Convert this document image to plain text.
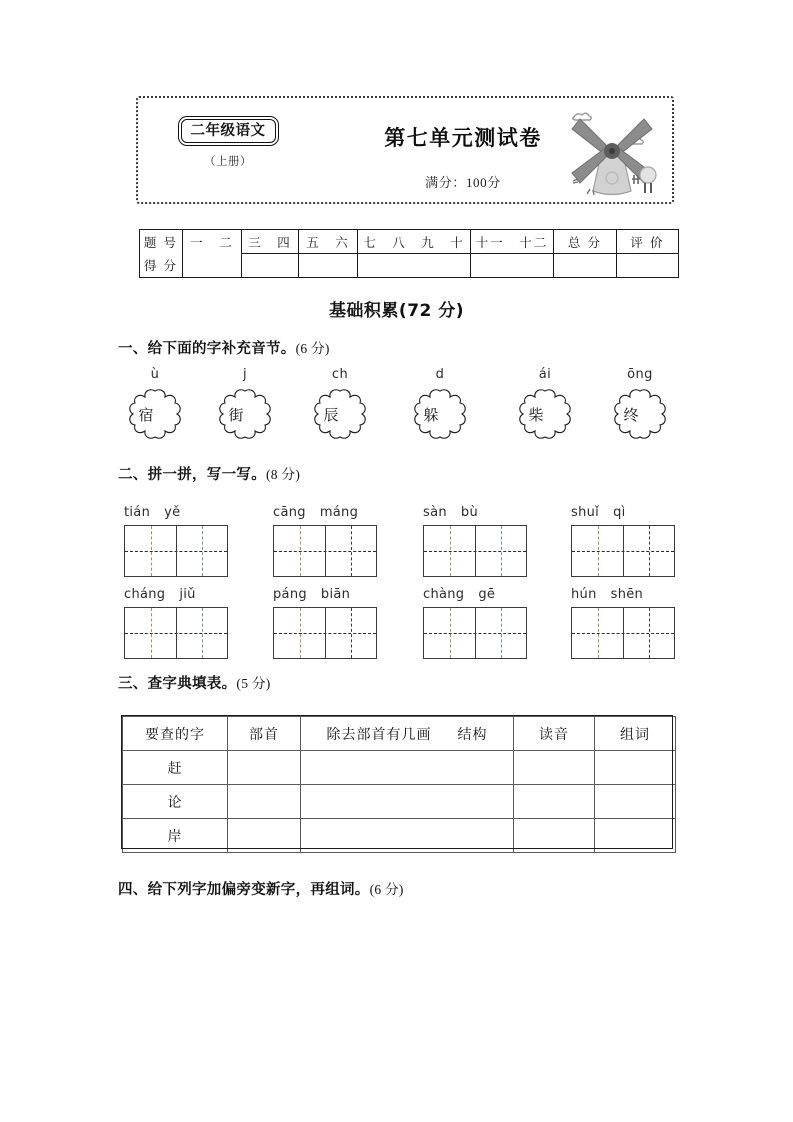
二年级语文
（上册）
第七单元测试卷
满分：100分
题 号	一　二	三　四	五　六	七　八　九　十	十一　十二	总 分	评 价
得 分							
基础积累(72 分)
一、给下面的字补充音节。(6 分)
ù
宿
j
街
ch
辰
d
躲
ái
柴
ōng
终
二、拼一拼，写一写。(8 分)
tián yě	cāng máng	sàn bù	shuǐ qì
cháng jiǔ	páng biān	chàng gē	hún shēn
三、查字典填表。(5 分)
要查的字	部首	除去部首有几画 结构	读音	组词
赶				
论				
岸				
四、给下列字加偏旁变新字，再组词。(6 分)
